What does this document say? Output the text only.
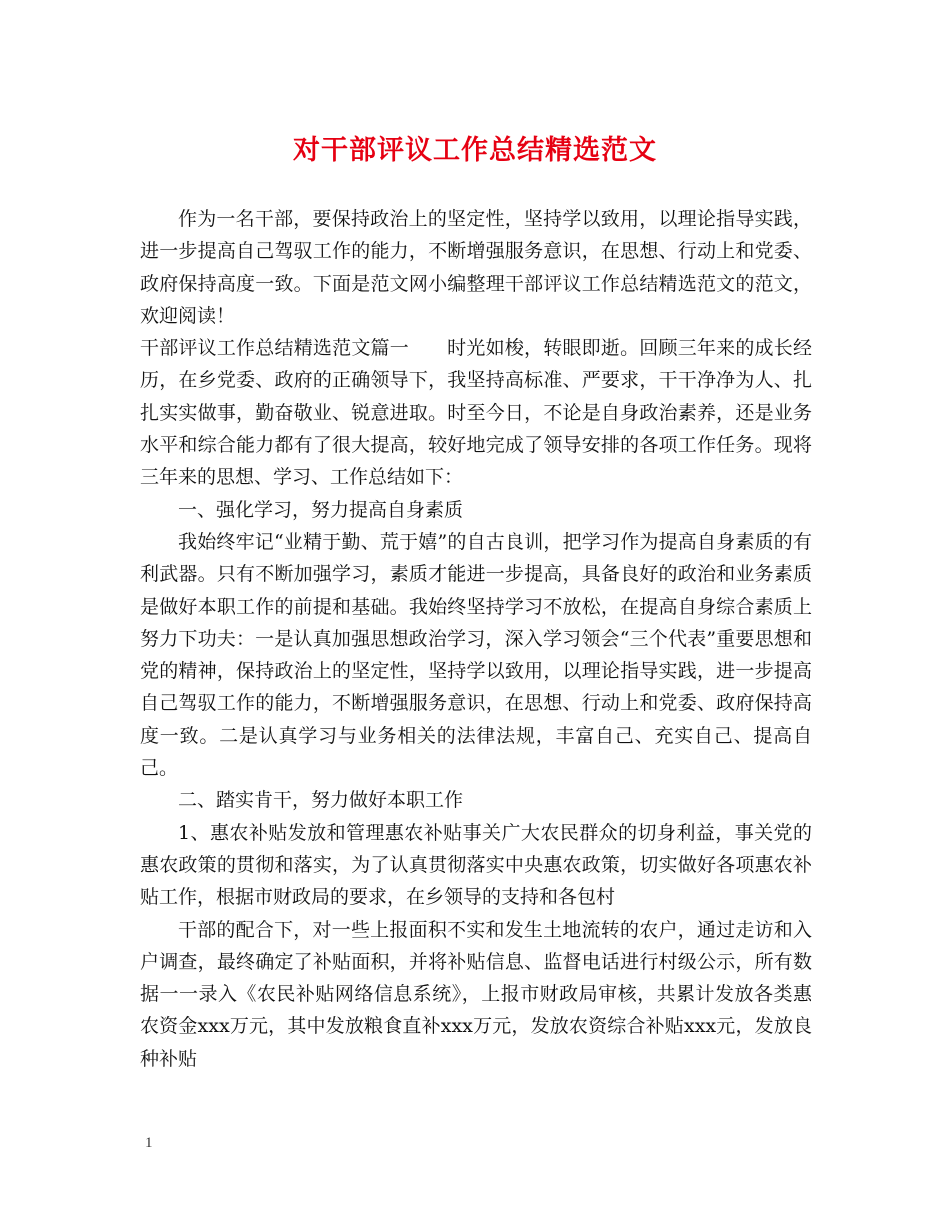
对干部评议工作总结精选范文

作为一名干部，要保持政治上的坚定性，坚持学以致用，以理论指导实践，进一步提高自己驾驭工作的能力，不断增强服务意识，在思想、行动上和党委、政府保持高度一致。下面是范文网小编整理干部评议工作总结精选范文的范文，欢迎阅读！

干部评议工作总结精选范文篇一 时光如梭，转眼即逝。回顾三年来的成长经历，在乡党委、政府的正确领导下，我坚持高标准、严要求，干干净净为人、扎扎实实做事，勤奋敬业、锐意进取。时至今日，不论是自身政治素养，还是业务水平和综合能力都有了很大提高，较好地完成了领导安排的各项工作任务。现将三年来的思想、学习、工作总结如下：

一、强化学习，努力提高自身素质

我始终牢记“业精于勤、荒于嬉”的自古良训，把学习作为提高自身素质的有利武器。只有不断加强学习，素质才能进一步提高，具备良好的政治和业务素质是做好本职工作的前提和基础。我始终坚持学习不放松，在提高自身综合素质上努力下功夫：一是认真加强思想政治学习，深入学习领会“三个代表”重要思想和党的精神，保持政治上的坚定性，坚持学以致用，以理论指导实践，进一步提高自己驾驭工作的能力，不断增强服务意识，在思想、行动上和党委、政府保持高度一致。二是认真学习与业务相关的法律法规，丰富自己、充实自己、提高自己。

二、踏实肯干，努力做好本职工作

1、惠农补贴发放和管理惠农补贴事关广大农民群众的切身利益，事关党的惠农政策的贯彻和落实，为了认真贯彻落实中央惠农政策，切实做好各项惠农补贴工作，根据市财政局的要求，在乡领导的支持和各包村

干部的配合下，对一些上报面积不实和发生土地流转的农户，通过走访和入户调查，最终确定了补贴面积，并将补贴信息、监督电话进行村级公示，所有数据一一录入《农民补贴网络信息系统》，上报市财政局审核，共累计发放各类惠农资金xxx万元，其中发放粮食直补xxx万元，发放农资综合补贴xxx元，发放良种补贴

1
